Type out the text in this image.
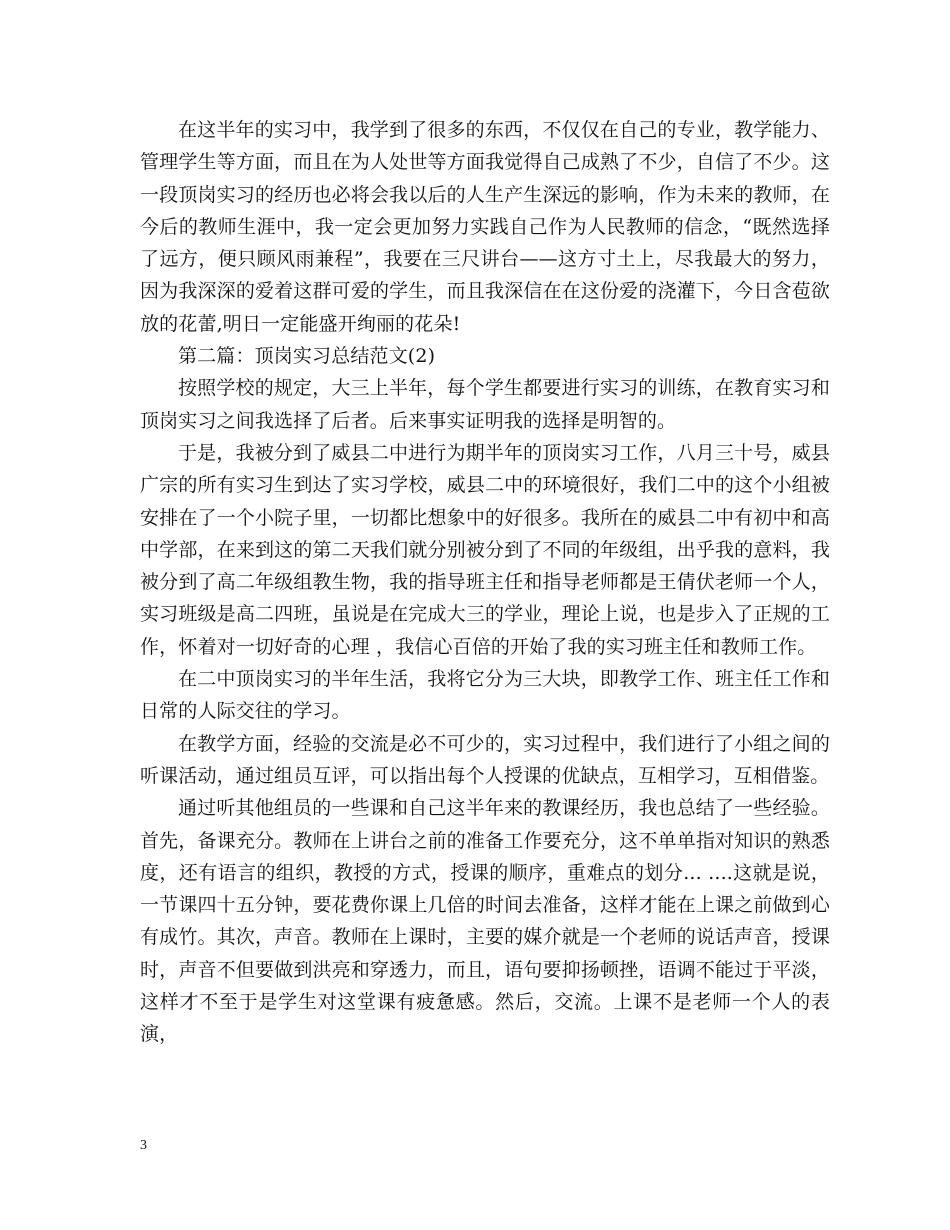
在这半年的实习中，我学到了很多的东西，不仅仅在自己的专业，教学能力、管理学生等方面，而且在为人处世等方面我觉得自己成熟了不少，自信了不少。这一段顶岗实习的经历也必将会我以后的人生产生深远的影响，作为未来的教师，在今后的教师生涯中，我一定会更加努力实践自己作为人民教师的信念，“既然选择了远方，便只顾风雨兼程”，我要在三尺讲台——这方寸土上，尽我最大的努力，因为我深深的爱着这群可爱的学生，而且我深信在在这份爱的浇灌下，今日含苞欲放的花蕾,明日一定能盛开绚丽的花朵!

第二篇：顶岗实习总结范文(2)

按照学校的规定，大三上半年，每个学生都要进行实习的训练，在教育实习和顶岗实习之间我选择了后者。后来事实证明我的选择是明智的。

于是，我被分到了威县二中进行为期半年的顶岗实习工作，八月三十号，威县广宗的所有实习生到达了实习学校，威县二中的环境很好，我们二中的这个小组被安排在了一个小院子里，一切都比想象中的好很多。我所在的威县二中有初中和高中学部，在来到这的第二天我们就分别被分到了不同的年级组，出乎我的意料，我被分到了高二年级组教生物，我的指导班主任和指导老师都是王倩伏老师一个人，实习班级是高二四班，虽说是在完成大三的学业，理论上说，也是步入了正规的工作，怀着对一切好奇的心理 ，我信心百倍的开始了我的实习班主任和教师工作。

在二中顶岗实习的半年生活，我将它分为三大块，即教学工作、班主任工作和日常的人际交往的学习。

在教学方面，经验的交流是必不可少的，实习过程中，我们进行了小组之间的听课活动，通过组员互评，可以指出每个人授课的优缺点，互相学习，互相借鉴。

通过听其他组员的一些课和自己这半年来的教课经历，我也总结了一些经验。首先，备课充分。教师在上讲台之前的准备工作要充分，这不单单指对知识的熟悉度，还有语言的组织，教授的方式，授课的顺序，重难点的划分... ....这就是说，一节课四十五分钟，要花费你课上几倍的时间去准备，这样才能在上课之前做到心有成竹。其次，声音。教师在上课时，主要的媒介就是一个老师的说话声音，授课时，声音不但要做到洪亮和穿透力，而且，语句要抑扬顿挫，语调不能过于平淡，这样才不至于是学生对这堂课有疲惫感。然后，交流。上课不是老师一个人的表演，

3
